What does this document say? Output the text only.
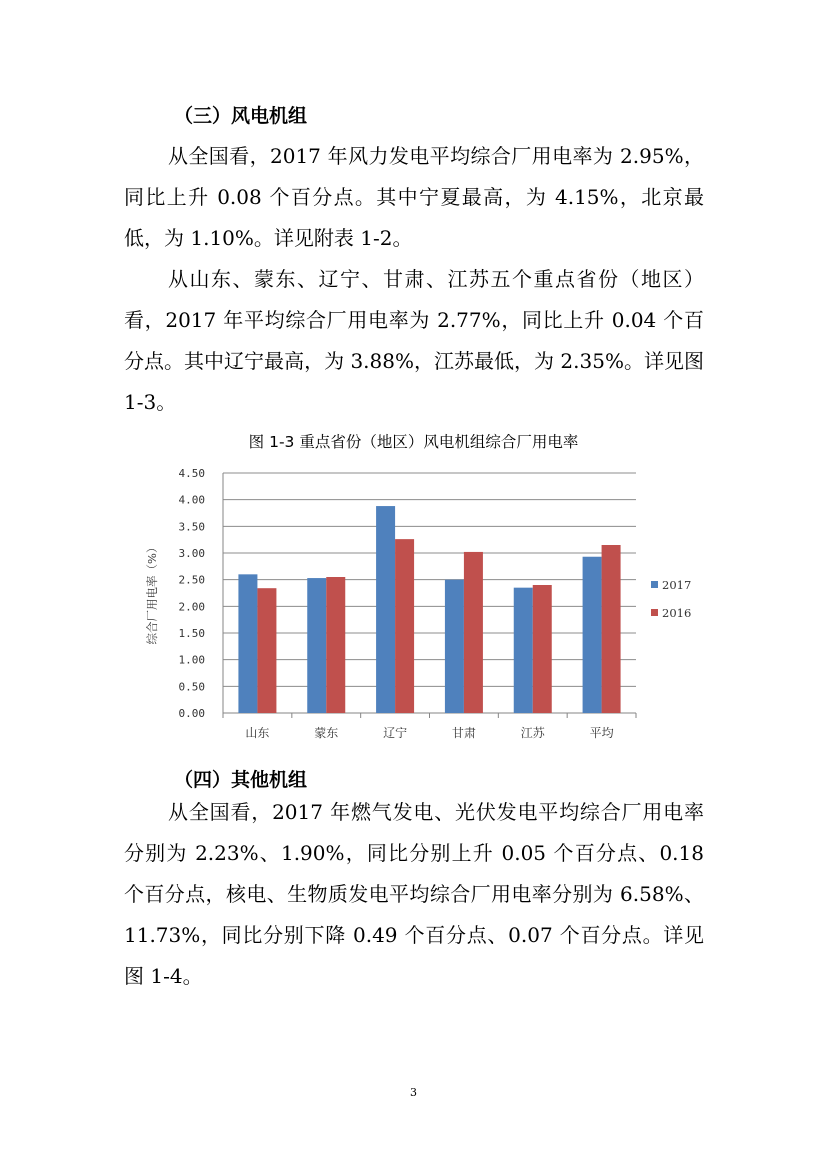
（三）风电机组

从全国看，2017 年风力发电平均综合厂用电率为 2.95%，同比上升 0.08 个百分点。其中宁夏最高，为 4.15%，北京最低，为 1.10%。详见附表 1-2。

从山东、蒙东、辽宁、甘肃、江苏五个重点省份（地区）看，2017 年平均综合厂用电率为 2.77%，同比上升 0.04 个百分点。其中辽宁最高，为 3.88%，江苏最低，为 2.35%。详见图 1-3。

图 1-3 重点省份（地区）风电机组综合厂用电率
0.00
0.50
1.00
1.50
2.00
2.50
3.00
3.50
4.00
4.50
综合厂用电率（%）
山东	蒙东	辽宁	甘肃	江苏	平均
2017
2016
（四）其他机组

从全国看，2017 年燃气发电、光伏发电平均综合厂用电率分别为 2.23%、1.90%，同比分别上升 0.05 个百分点、0.18 个百分点，核电、生物质发电平均综合厂用电率分别为 6.58%、11.73%，同比分别下降 0.49 个百分点、0.07 个百分点。详见图 1-4。

3
